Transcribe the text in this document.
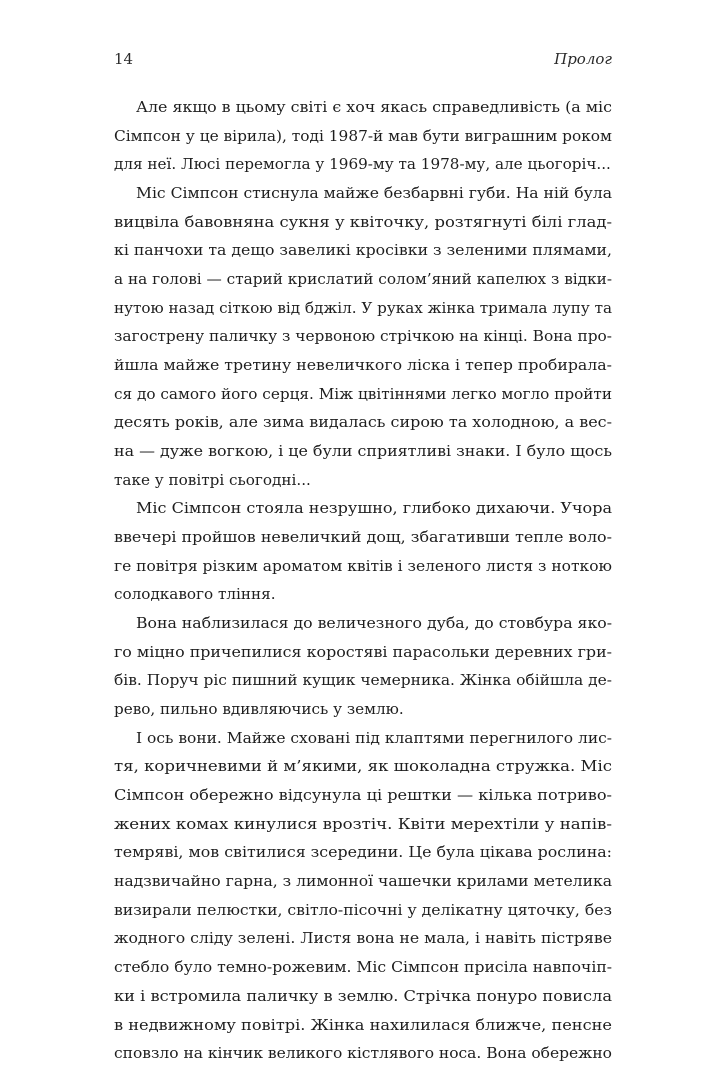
14	Пролог
Але якщо в цьому світі є хоч якась справедливість (а міс
Сімпсон у це вірила), тоді 1987-й мав бути виграшним роком
для неї. Люсі перемогла у 1969-му та 1978-му, але цьогоріч...
Міс Сімпсон стиснула майже безбарвні губи. На ній була
вицвіла бавовняна сукня у квіточку, розтягнуті білі глад-
кі панчохи та дещо завеликі кросівки з зеленими плямами,
а на голові — старий крислатий солом’яний капелюх з відки-
нутою назад сіткою від бджіл. У руках жінка тримала лупу та
загострену паличку з червоною стрічкою на кінці. Вона про-
йшла майже третину невеличкого ліска і тепер пробиралa-
ся до самого його серця. Між цвітіннями легко могло пройти
десять років, але зима видалась сирою та холодною, а вес-
на — дуже вогкою, і це були сприятливі знаки. І було щось
таке у повітрі сьогодні...
Міс Сімпсон стояла незрушно, глибоко дихаючи. Учора
ввечері пройшов невеличкий дощ, збагативши тепле воло-
ге повітря різким ароматом квітів і зеленого листя з ноткою
солодкавого тління.
Вона наблизилася до величезного дуба, до стовбура яко-
го міцно причепилися коростяві парасольки деревних гри-
бів. Поруч ріс пишний кущик чемерника. Жінка обійшла де-
рево, пильно вдивляючись у землю.
І ось вони. Майже сховані під клаптями перегнилого лис-
тя, коричневими й м’якими, як шоколадна стружка. Міс
Сімпсон обережно відсунула ці рештки — кілька потриво-
жених комах кинулися врозтіч. Квіти мерехтіли у напів-
темряві, мов світилися зсередини. Це була цікава рослина:
надзвичайно гарна, з лимонної чашечки крилами метелика
визирали пелюстки, світло-пісочні у делікатну цяточку, без
жодного сліду зелені. Листя вона не мала, і навіть пістряве
стебло було темно-рожевим. Міс Сімпсон присіла навпочіп-
ки і встромила паличку в землю. Стрічка понуро повисла
в недвижному повітрі. Жінка нахилилася ближче, пенсне
сповзло на кінчик великого кістлявого носа. Вона обережно
